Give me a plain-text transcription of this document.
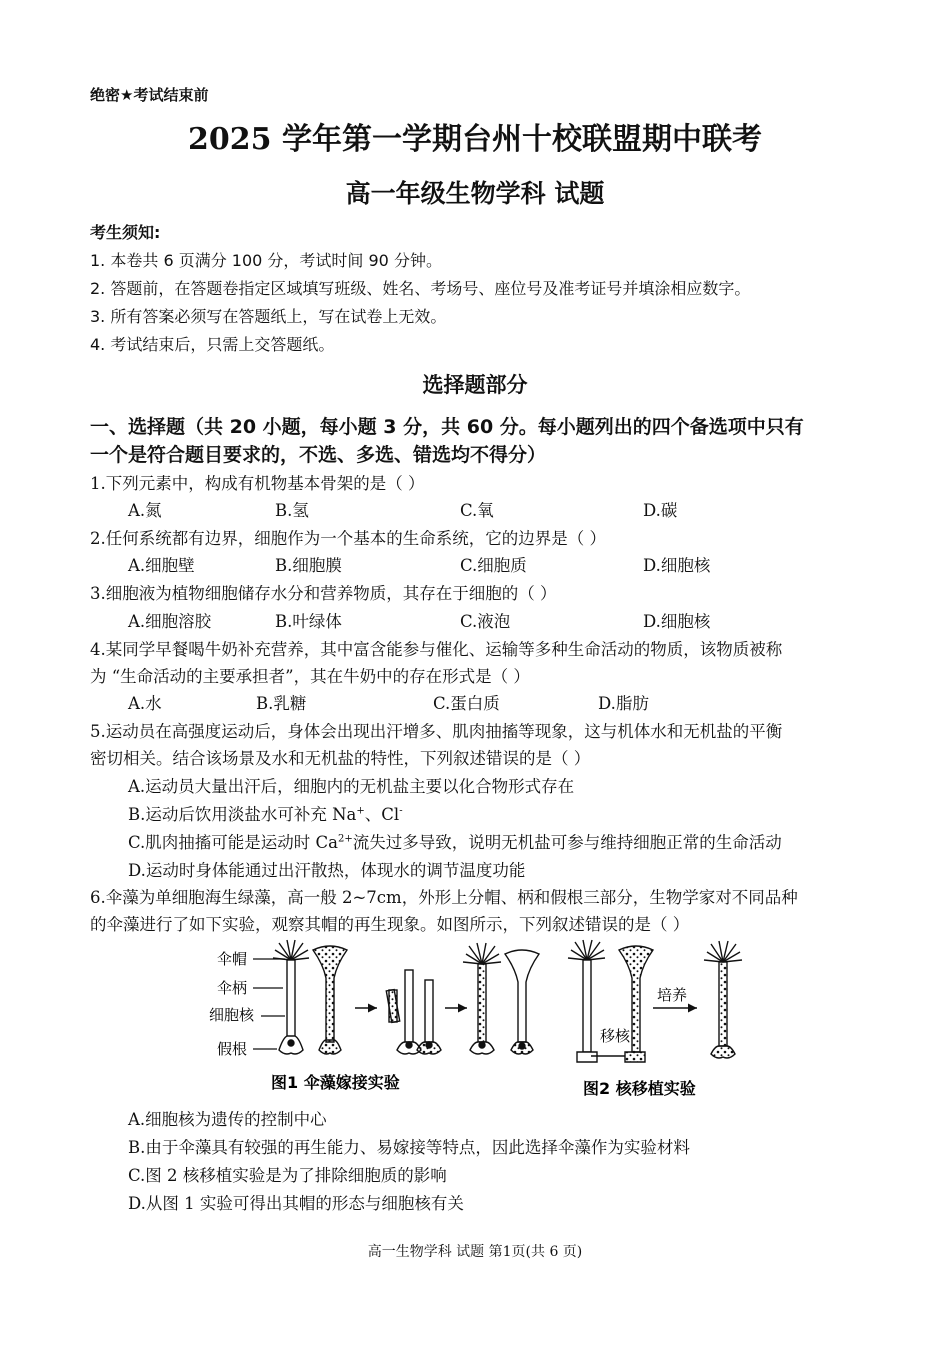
绝密★考试结束前
2025 学年第一学期台州十校联盟期中联考
高一年级生物学科 试题
考生须知:
1. 本卷共 6 页满分 100 分，考试时间 90 分钟。
2. 答题前，在答题卷指定区域填写班级、姓名、考场号、座位号及准考证号并填涂相应数字。
3. 所有答案必须写在答题纸上，写在试卷上无效。
4. 考试结束后，只需上交答题纸。
选择题部分
一、选择题（共 20 小题，每小题 3 分，共 60 分。每小题列出的四个备选项中只有
一个是符合题目要求的，不选、多选、错选均不得分）
1.下列元素中，构成有机物基本骨架的是（ ）
A.氮	B.氢	C.氧	D.碳
2.任何系统都有边界，细胞作为一个基本的生命系统，它的边界是（ ）
A.细胞壁	B.细胞膜	C.细胞质	D.细胞核
3.细胞液为植物细胞储存水分和营养物质，其存在于细胞的（ ）
A.细胞溶胶	B.叶绿体	C.液泡	D.细胞核
4.某同学早餐喝牛奶补充营养，其中富含能参与催化、运输等多种生命活动的物质，该物质被称
为 “生命活动的主要承担者”，其在牛奶中的存在形式是（ ）
A.水	B.乳糖	C.蛋白质	D.脂肪
5.运动员在高强度运动后，身体会出现出汗增多、肌肉抽搐等现象，这与机体水和无机盐的平衡
密切相关。结合该场景及水和无机盐的特性，下列叙述错误的是（ ）
A.运动员大量出汗后，细胞内的无机盐主要以化合物形式存在
B.运动后饮用淡盐水可补充 Na+、Cl-
C.肌肉抽搐可能是运动时 $Ca^{2+}$流失过多导致，说明无机盐可参与维持细胞正常的生命活动
D.运动时身体能通过出汗散热，体现水的调节温度功能
6.伞藻为单细胞海生绿藻，高一般 2~7cm，外形上分帽、柄和假根三部分，生物学家对不同品种
的伞藻进行了如下实验，观察其帽的再生现象。如图所示，下列叙述错误的是（ ）
伞帽
伞柄
细胞核
假根
移核
培养
图1 伞藻嫁接实验	图2 核移植实验
A.细胞核为遗传的控制中心
B.由于伞藻具有较强的再生能力、易嫁接等特点，因此选择伞藻作为实验材料
C.图 2 核移植实验是为了排除细胞质的影响
D.从图 1 实验可得出其帽的形态与细胞核有关
高一生物学科 试题 第1页(共 6 页)
